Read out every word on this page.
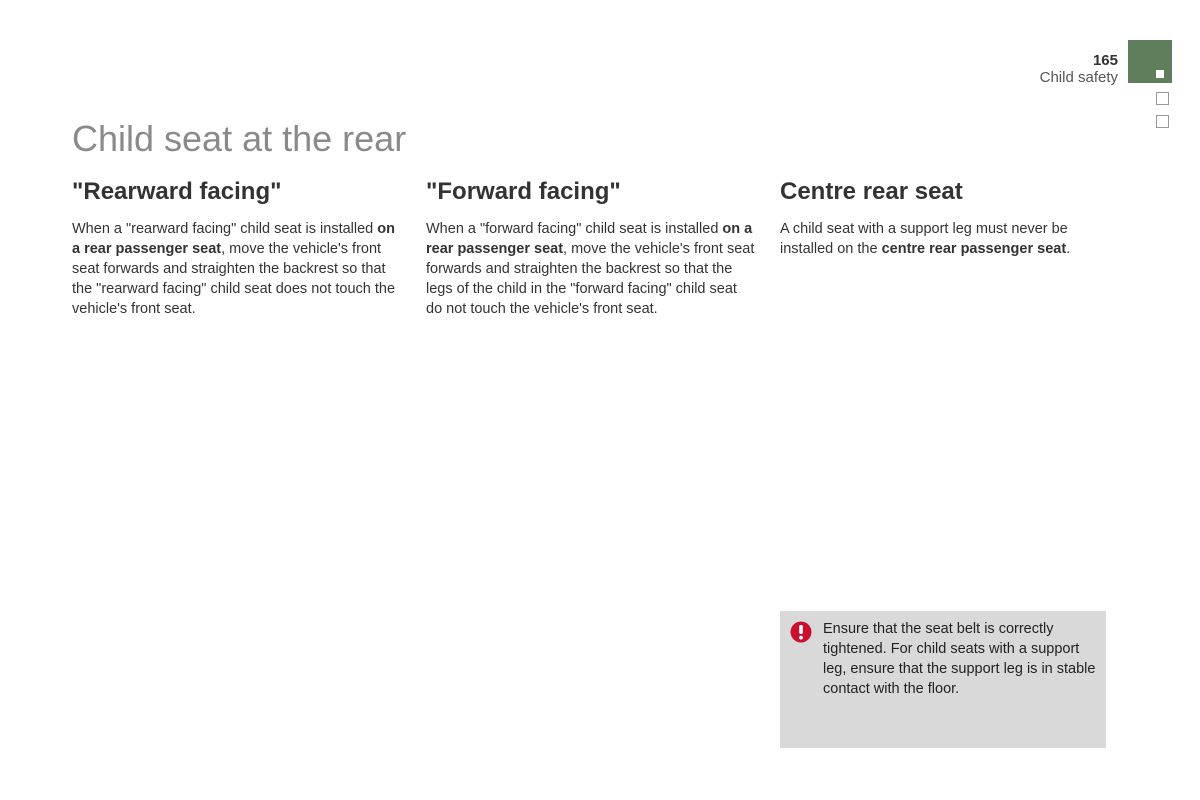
165
Child safety
Child seat at the rear
"Rearward facing"

When a "rearward facing" child seat is installed on a rear passenger seat, move the vehicle's front seat forwards and straighten the backrest so that the "rearward facing" child seat does not touch the vehicle's front seat.

"Forward facing"

When a "forward facing" child seat is installed on a rear passenger seat, move the vehicle's front seat forwards and straighten the backrest so that the legs of the child in the "forward facing" child seat do not touch the vehicle's front seat.

Centre rear seat

A child seat with a support leg must never be installed on the centre rear passenger seat.

Ensure that the seat belt is correctly tightened. For child seats with a support leg, ensure that the support leg is in stable contact with the floor.
